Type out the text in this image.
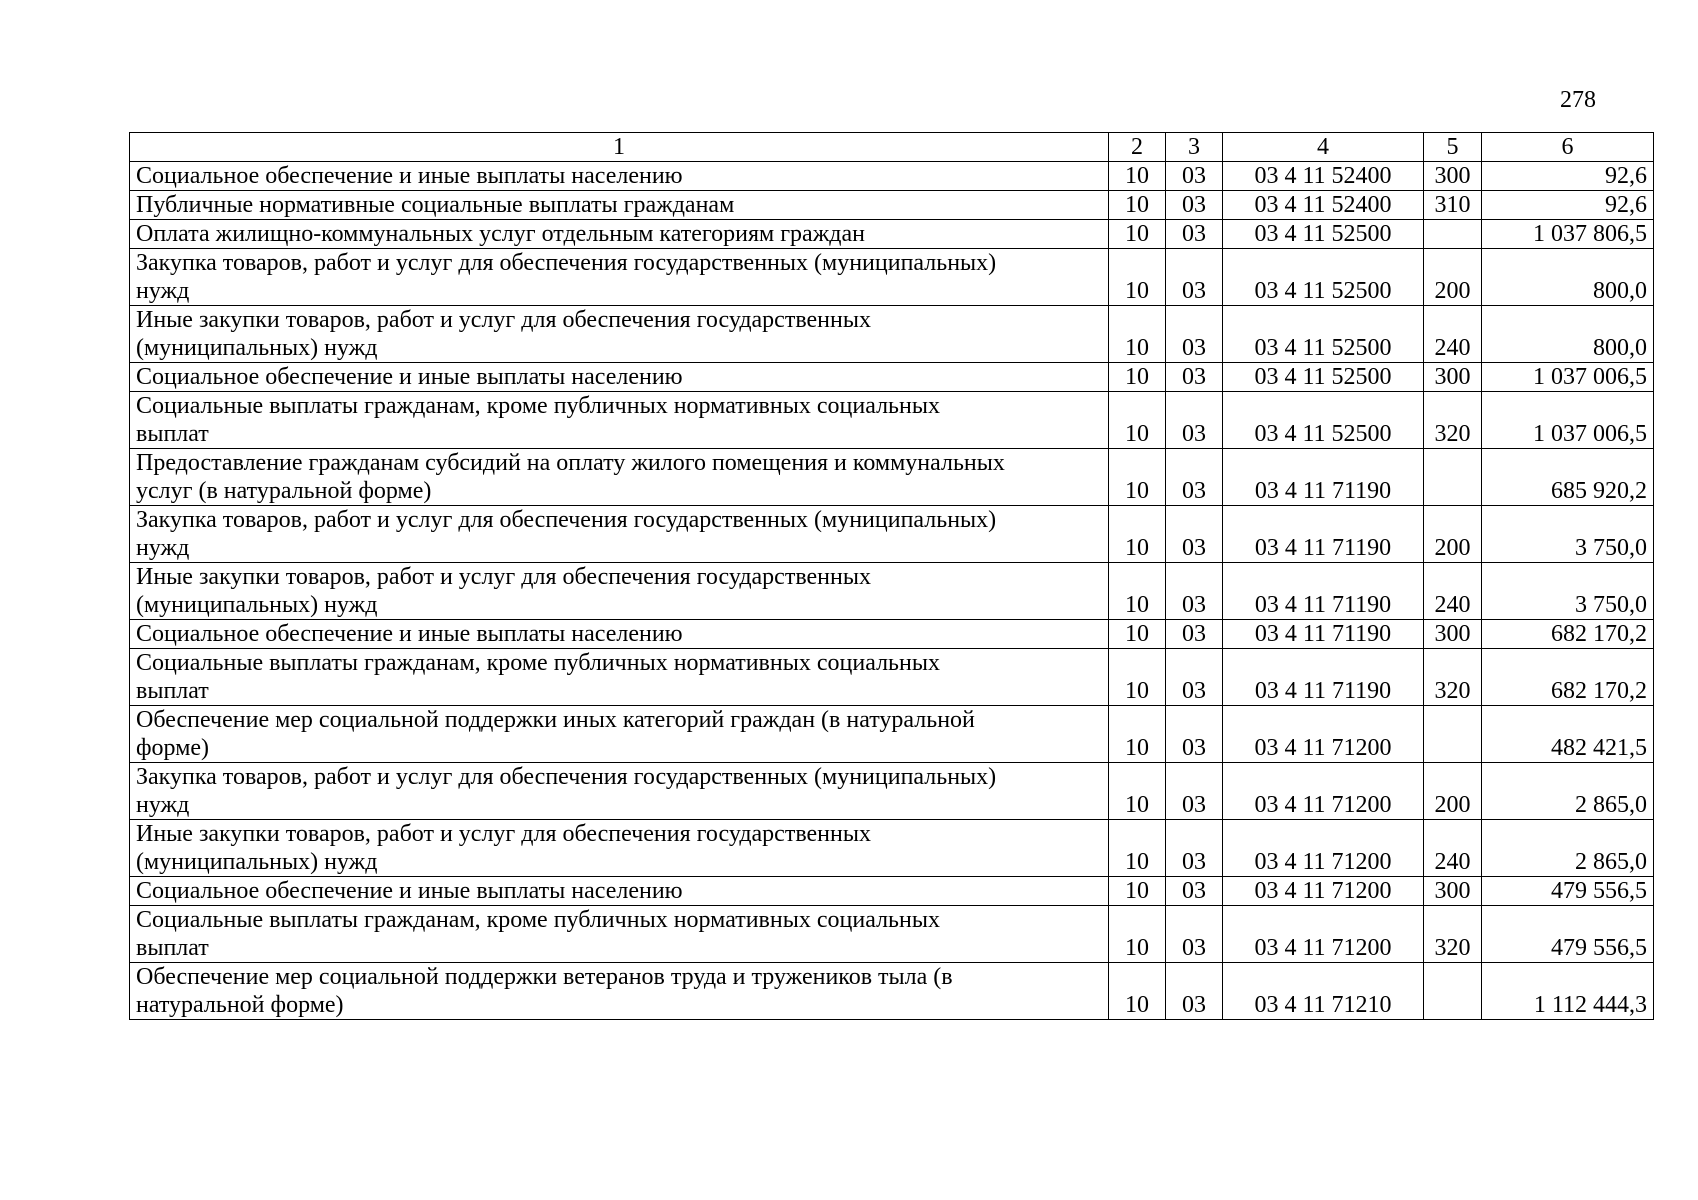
278
1	2	3	4	5	6

Социальное обеспечение и иные выплаты населению	10	03	03 4 11 52400	300	92,6

Публичные нормативные социальные выплаты гражданам	10	03	03 4 11 52400	310	92,6

Оплата жилищно-коммунальных услуг отдельным категориям граждан	10	03	03 4 11 52500		1 037 806,5

Закупка товаров, работ и услуг для обеспечения государственных (муниципальных)
нужд	10	03	03 4 11 52500	200	800,0

Иные закупки товаров, работ и услуг для обеспечения государственных
(муниципальных) нужд	10	03	03 4 11 52500	240	800,0

Социальное обеспечение и иные выплаты населению	10	03	03 4 11 52500	300	1 037 006,5

Социальные выплаты гражданам, кроме публичных нормативных социальных
выплат	10	03	03 4 11 52500	320	1 037 006,5

Предоставление гражданам субсидий на оплату жилого помещения и коммунальных
услуг (в натуральной форме)	10	03	03 4 11 71190		685 920,2

Закупка товаров, работ и услуг для обеспечения государственных (муниципальных)
нужд	10	03	03 4 11 71190	200	3 750,0

Иные закупки товаров, работ и услуг для обеспечения государственных
(муниципальных) нужд	10	03	03 4 11 71190	240	3 750,0

Социальное обеспечение и иные выплаты населению	10	03	03 4 11 71190	300	682 170,2

Социальные выплаты гражданам, кроме публичных нормативных социальных
выплат	10	03	03 4 11 71190	320	682 170,2

Обеспечение мер социальной поддержки иных категорий граждан (в натуральной
форме)	10	03	03 4 11 71200		482 421,5

Закупка товаров, работ и услуг для обеспечения государственных (муниципальных)
нужд	10	03	03 4 11 71200	200	2 865,0

Иные закупки товаров, работ и услуг для обеспечения государственных
(муниципальных) нужд	10	03	03 4 11 71200	240	2 865,0

Социальное обеспечение и иные выплаты населению	10	03	03 4 11 71200	300	479 556,5

Социальные выплаты гражданам, кроме публичных нормативных социальных
выплат	10	03	03 4 11 71200	320	479 556,5

Обеспечение мер социальной поддержки ветеранов труда и тружеников тыла (в
натуральной форме)	10	03	03 4 11 71210		1 112 444,3
